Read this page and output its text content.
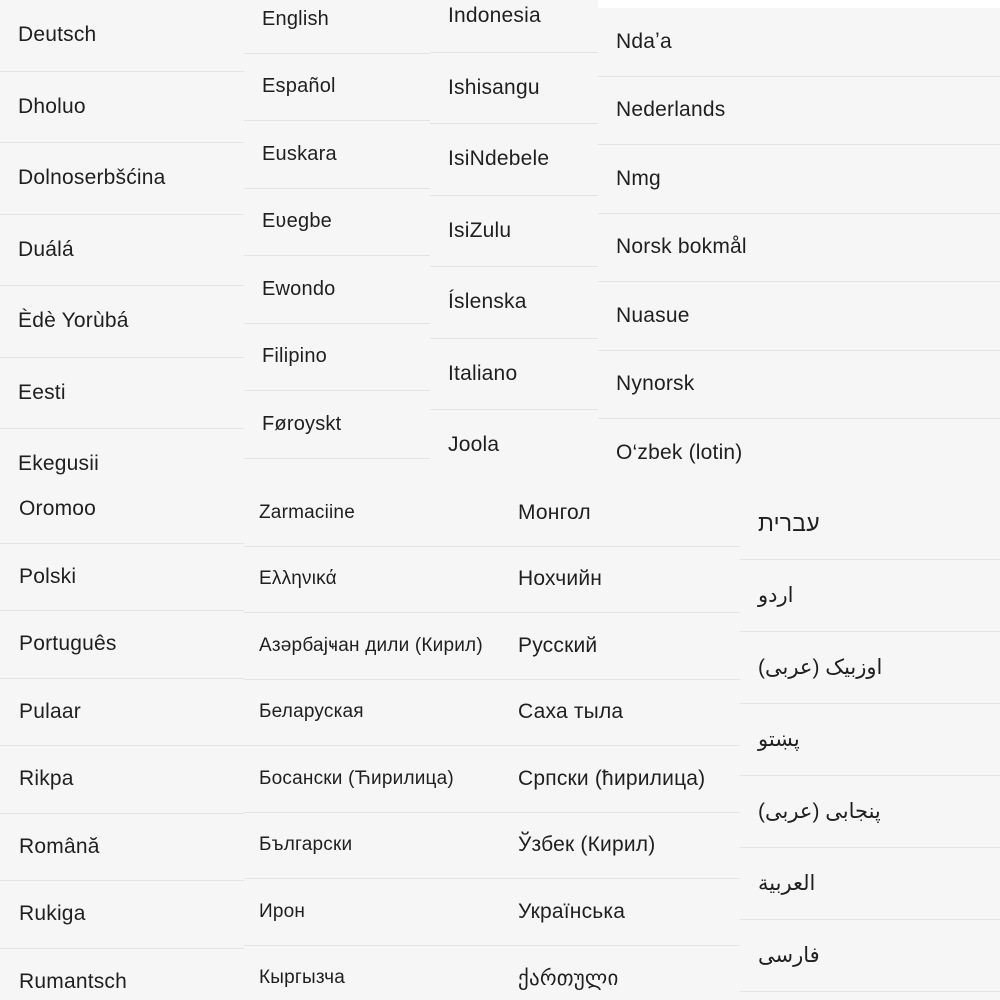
Deutsch
Dholuo
Dolnoserbšćina
Duálá
Èdè Yorùbá
Eesti
Ekegusii
English
Español
Euskara
Eʋegbe
Ewondo
Filipino
Føroyskt
Indonesia
Ishisangu
IsiNdebele
IsiZulu
Íslenska
Italiano
Joola
Ndaʼa
Nederlands
Nmg
Norsk bokmål
Nuasue
Nynorsk
O‘zbek (lotin)
Oromoo
Polski
Português
Pulaar
Rikpa
Română
Rukiga
Rumantsch
Zarmaciine
Ελληνικά
Азәрбајҹан дили (Кирил)
Беларуская
Босански (Ћирилица)
Български
Ирон
Кыргызча
Монгол
Нохчийн
Русский
Саха тыла
Српски (ћирилица)
Ўзбек (Кирил)
Українська
ქართული
עברית
اردو
اوزبیک (عربی)
پښتو
پنجابی (عربی)
العربية
فارسی
